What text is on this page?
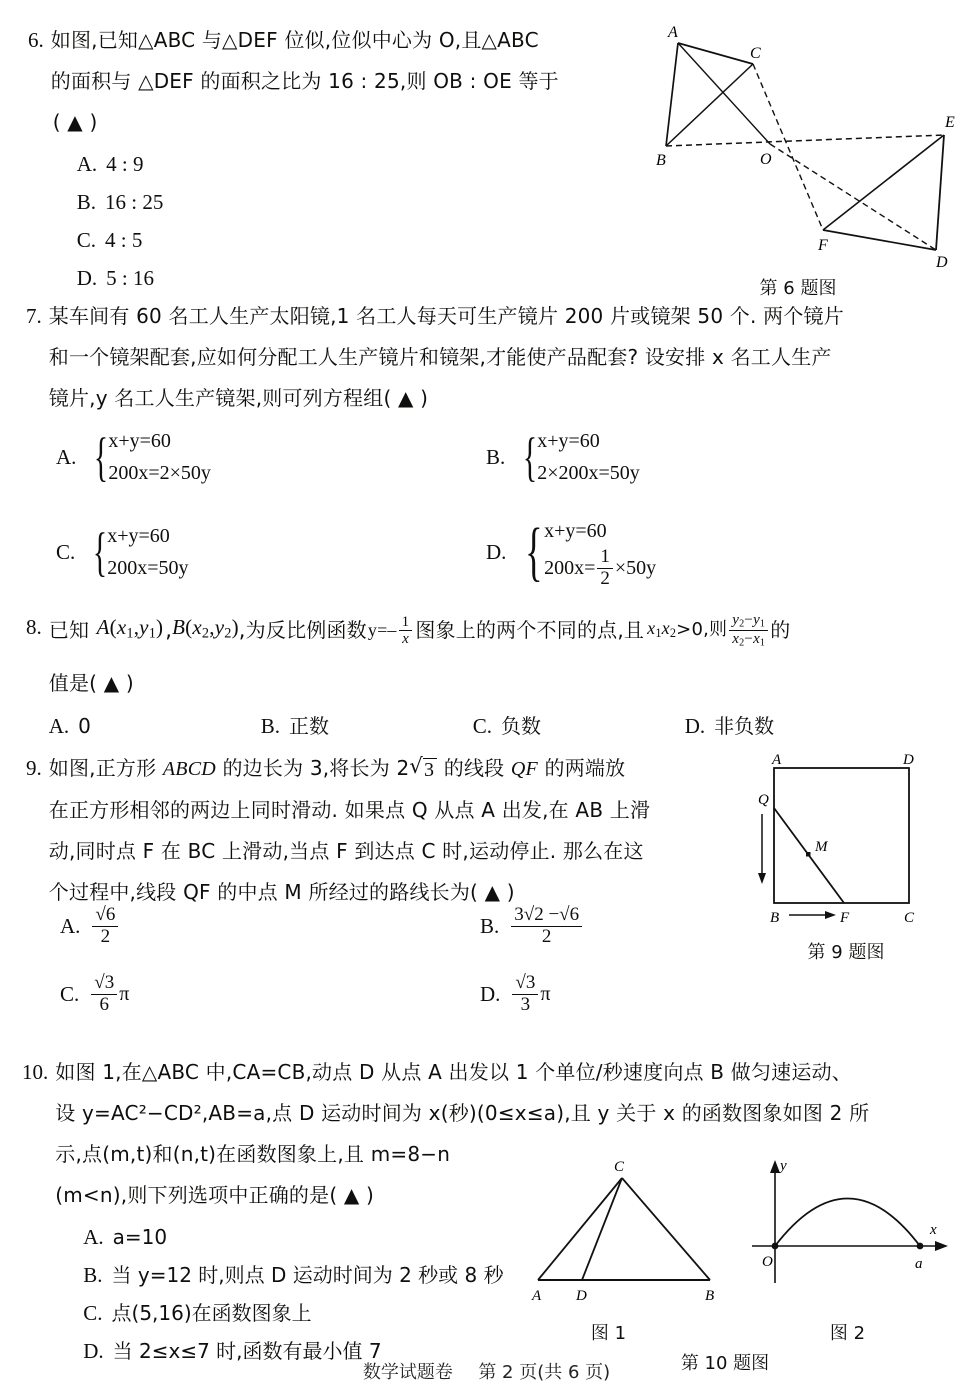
6. 如图,已知△ABC 与△DEF 位似,位似中心为 O,且△ABC
的面积与 △DEF 的面积之比为 16 : 25,则 OB : OE 等于
( ▲ )
A. 4 : 9
B. 16 : 25
C. 4 : 5
D. 5 : 16
A
C
B	O
E
F
D
第 6 题图
7. 某车间有 60 名工人生产太阳镜,1 名工人每天可生产镜片 200 片或镜架 50 个. 两个镜片
和一个镜架配套,应如何分配工人生产镜片和镜架,才能使产品配套? 设安排 x 名工人生产
镜片,y 名工人生产镜架,则可列方程组( ▲ )
A. { x+y=60
200x=2×50y
B. { x+y=60
2×200x=50y
C. { x+y=60
200x=50y
D. { x+y=60
$200x= \frac{1}{2} \times 50y$
8. 已知 $A(x_1,y_1)$ , $B(x_2,y_2)$ , 为反比例函数 $y=- \frac{1}{x}$ 图象上的两个不同的点,且 $x_1x_2 >0$,则 $\frac{y_2-y_1}{x_2-x_1}$ 的
值是( ▲ )
A. 0	B. 正数	C. 负数	D. 非负数
9. 如图,正方形 ABCD 的边长为 3,将长为 2 √ 3 的线段 QF 的两端放
在正方形相邻的两边上同时滑动. 如果点 Q 从点 A 出发,在 AB 上滑
动,同时点 F 在 BC 上滑动,当点 F 到达点 C 时,运动停止. 那么在这
个过程中,线段 QF 的中点 M 所经过的路线长为( ▲ )
A. $\frac{√6}{2}$	B. $\frac{3√2 -√6}{2}$
C. $\frac{√3}{6}$ π	D. $\frac{√3}{3}$ π
A	D
Q
M
B	F	C
第 9 题图
10. 如图 1,在△ABC 中,CA=CB,动点 D 从点 A 出发以 1 个单位/秒速度向点 B 做匀速运动、
设 y=AC²−CD²,AB=a,点 D 运动时间为 x(秒)(0≤x≤a),且 y 关于 x 的函数图象如图 2 所
示,点(m,t)和(n,t)在函数图象上,且 m=8−n
(m<n),则下列选项中正确的是( ▲ )
A. a=10
B. 当 y=12 时,则点 D 运动时间为 2 秒或 8 秒
C. 点(5,16)在函数图象上
D. 当 2≤x≤7 时,函数有最小值 7
C
A D	B
图 1
y
x
O	a
图 2
第 10 题图
数学试题卷 第 2 页(共 6 页)
